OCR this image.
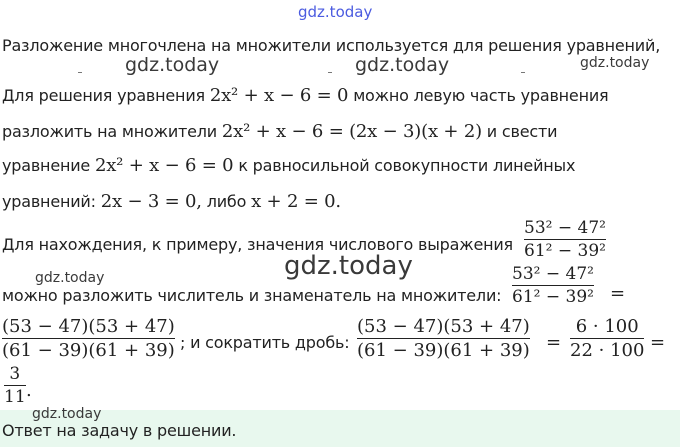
gdz.today
gdz.today	gdz.today	gdz.today
gdz.today
gdz.today
gdz.today
Разложение многочлена на множители используется для решения уравнений,
Для решения уравнения 2x² + x − 6 = 0 можно левую часть уравнения
разложить на множители 2x² + x − 6 = (2x − 3)(x + 2) и свести
уравнение 2x² + x − 6 = 0 к равносильной совокупности линейных
уравнений: 2x − 3 = 0, либо x + 2 = 0.
Для нахождения, к примеру, значения числового выражения
53² − 47²
61² − 39²
можно разложить числитель и знаменатель на множители:
53² − 47²
61² − 39² =
(53 − 47)(53 + 47)
(61 − 39)(61 + 39) ; и сократить дробь:
(53 − 47)(53 + 47)
(61 − 39)(61 + 39) =
6 · 100
22 · 100 =
3
11 .
Ответ на задачу в решении.
